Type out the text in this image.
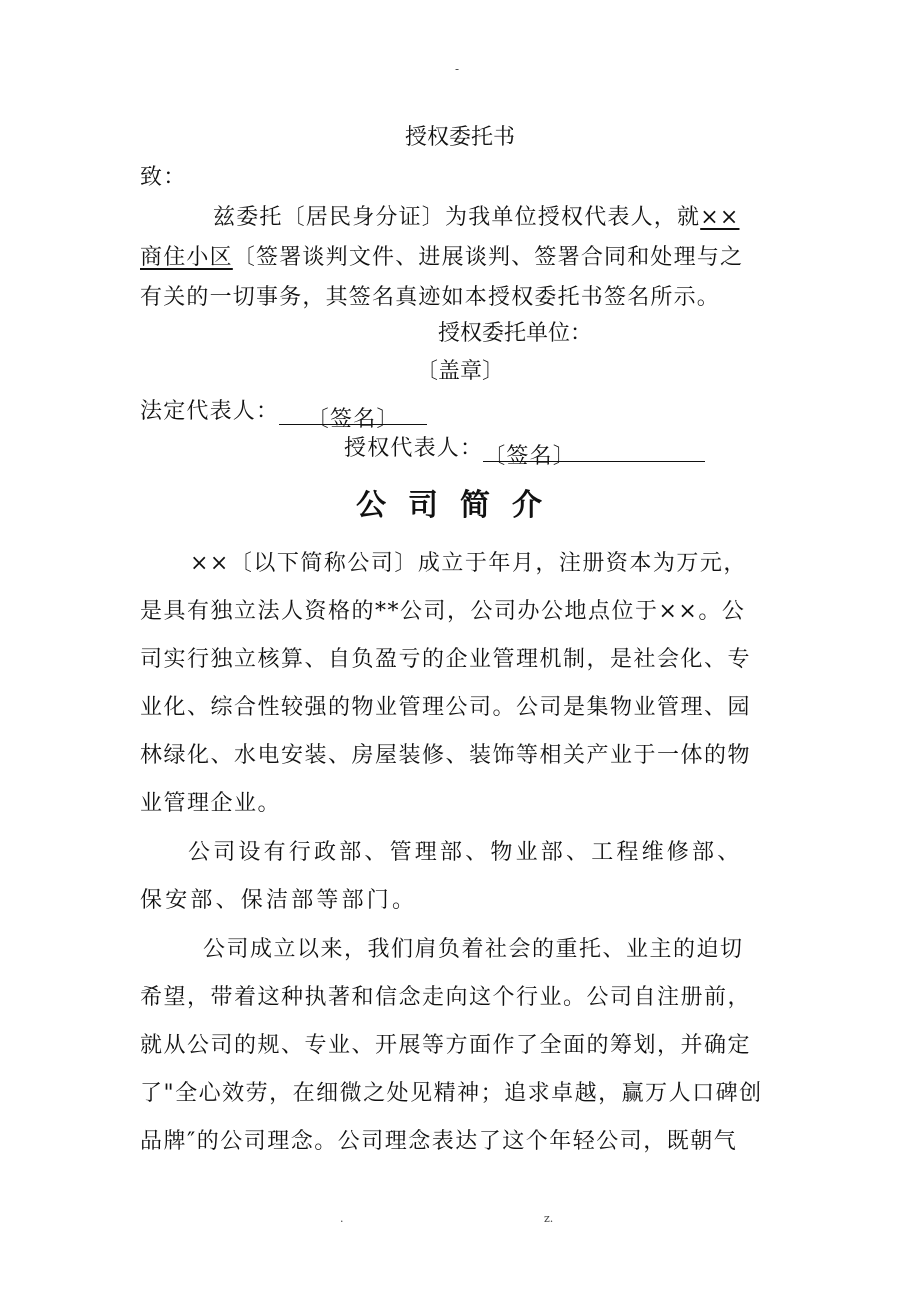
-
授权委托书
致：
兹委托〔居民身分证〕为我单位授权代表人，就××
商住小区〔签署谈判文件、进展谈判、签署合同和处理与之
有关的一切事务，其签名真迹如本授权委托书签名所示。
授权委托单位：
〔盖章〕
法定代表人： 〔签名〕
授权代表人：〔签名〕
公司简介
××〔以下简称公司〕成立于年月，注册资本为万元，
是具有独立法人资格的**公司，公司办公地点位于××。公
司实行独立核算、自负盈亏的企业管理机制，是社会化、专
业化、综合性较强的物业管理公司。公司是集物业管理、园
林绿化、水电安装、房屋装修、装饰等相关产业于一体的物
业管理企业。
公司设有行政部、管理部、物业部、工程维修部、
保安部、保洁部等部门。
公司成立以来，我们肩负着社会的重托、业主的迫切
希望，带着这种执著和信念走向这个行业。公司自注册前，
就从公司的规、专业、开展等方面作了全面的筹划，并确定
了"全心效劳，在细微之处见精神；追求卓越，赢万人口碑创
品牌″的公司理念。公司理念表达了这个年轻公司，既朝气
.	z.
